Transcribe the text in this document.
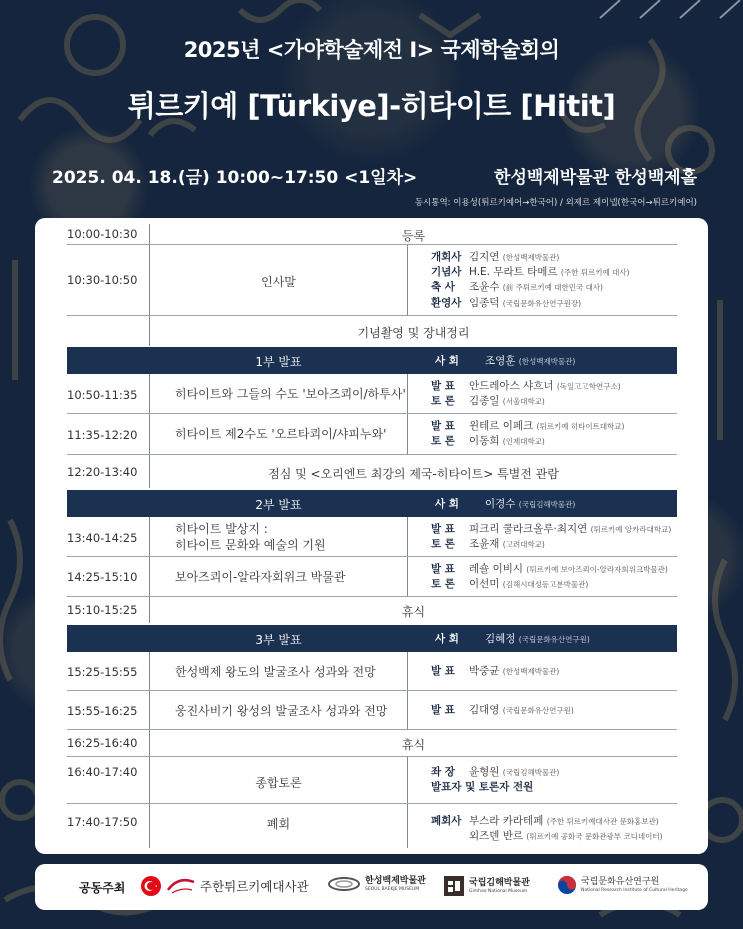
2025년 <가야학술제전 I> 국제학술회의
튀르키예 [Türkiye]-히타이트 [Hitit]
2025. 04. 18.(금) 10:00~17:50 <1일차>	한성백제박물관 한성백제홀
동시통역: 이용성(튀르키예어→한국어) / 외제르 제이넵(한국어→튀르키예어)
10:00-10:30	등록
10:30-10:50	인사말
개회사 김지연 (한성백제박물관)
기념사 H.E. 무라트 타메르 (주한 튀르키예 대사)
축 사 조윤수 (前 주튀르키예 대한민국 대사)
환영사 임종덕 (국립문화유산연구원장)
기념촬영 및 장내정리
1부 발표	사 회 조영훈 (한성백제박물관)
10:50-11:35	히타이트와 그들의 수도 '보아즈쾨이/하투사'
발 표 안드레아스 샤흐너 (독일고고학연구소)
토 론 김종일 (서울대학교)
11:35-12:20	히타이트 제2수도 '오르타쾨이/샤피누와'
발 표 윈테르 이페크 (튀르키예 히타이트대학교)
토 론 이동희 (인제대학교)
12:20-13:40	점심 및 <오리엔트 최강의 제국-히타이트> 특별전 관람
2부 발표	사 회 이경수 (국립김해박물관)
13:40-14:25
히타이트 발상지 :
히타이트 문화와 예술의 기원
발 표 피크리 쿨라크올루·최지연 (튀르키예 앙카라대학교)
토 론 조윤재 (고려대학교)
14:25-15:10	보아즈쾨이-알라자회위크 박물관
발 표 레숄 이비시 (튀르키예 보아즈쾨이-알라자회위크박물관)
토 론 이선미 (김해시대성동고분박물관)
15:10-15:25	휴식
3부 발표	사 회 김혜정 (국립문화유산연구원)
15:25-15:55	한성백제 왕도의 발굴조사 성과와 전망	발 표 박중균 (한성백제박물관)
15:55-16:25	웅진사비기 왕성의 발굴조사 성과와 전망	발 표 김대영 (국립문화유산연구원)
16:25-16:40	휴식
16:40-17:40
종합토론
좌 장 윤형원 (국립김해박물관)
발표자 및 토론자 전원
17:40-17:50	폐회	폐회사 부스라 카라테페 (주한 튀르키예대사관 문화홍보관)
외즈덴 반르 (튀르키예 공화국 문화관광부 코디네이터)
공동주최	주한튀르키예대사관	한성백제박물관
SEOUL BAEKJE MUSEUM
국립김해박물관
Gimhae National Museum
국립문화유산연구원
National Research Institute of Cultural Heritage
